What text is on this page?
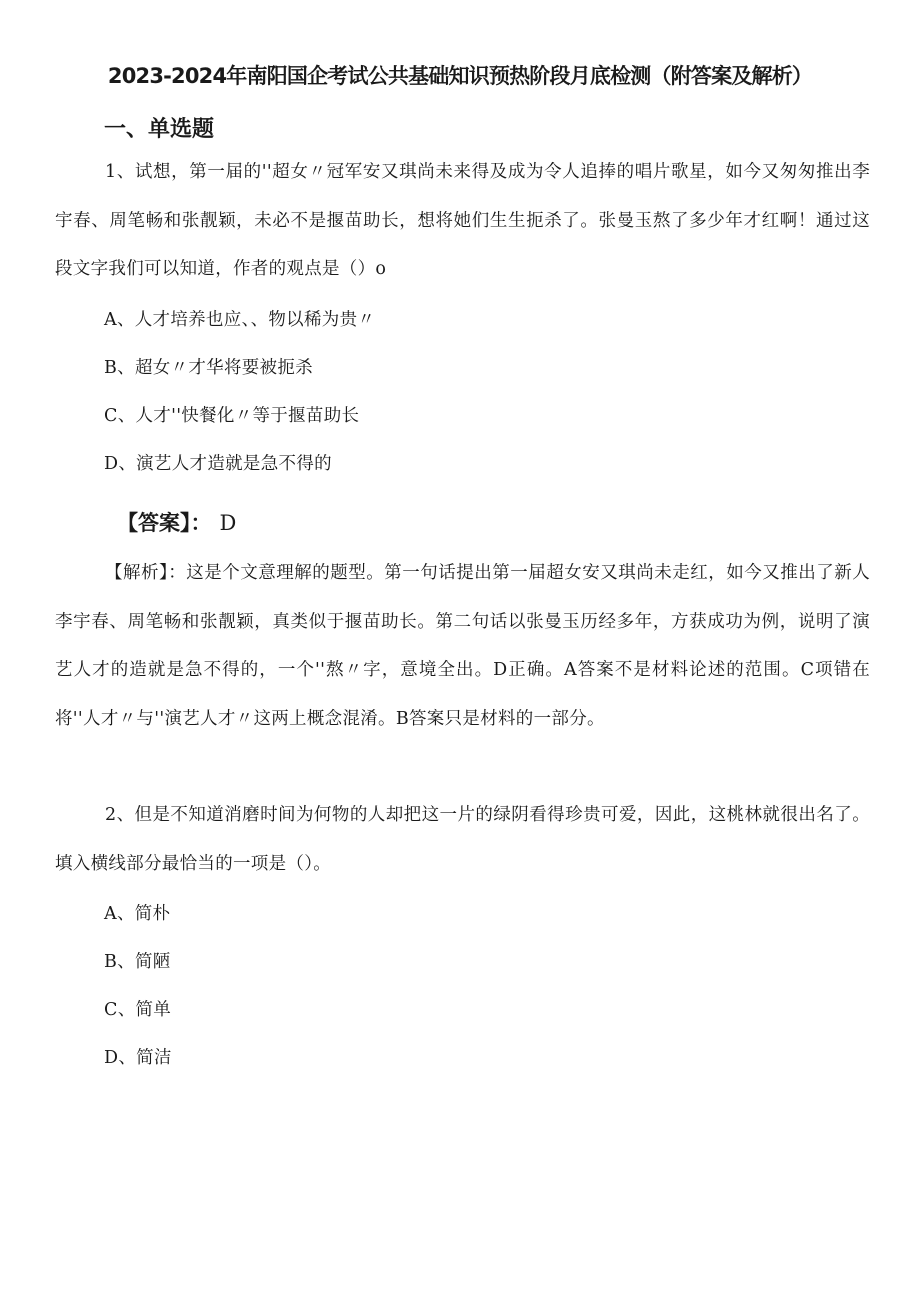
2023-2024年南阳国企考试公共基础知识预热阶段月底检测（附答案及解析）
一、单选题

1、试想，第一届的''超女〃冠军安又琪尚未来得及成为令人追捧的唱片歌星，如今又匆匆推出李宇春、周笔畅和张靓颖，未必不是揠苗助长，想将她们生生扼杀了。张曼玉熬了多少年才红啊！通过这段文字我们可以知道，作者的观点是（）o

A、人才培养也应、、物以稀为贵〃
B、超女〃才华将要被扼杀
C、人才''快餐化〃等于揠苗助长
D、演艺人才造就是急不得的
【答案】： D

【解析】：这是个文意理解的题型。第一句话提出第一届超女安又琪尚未走红，如今又推出了新人李宇春、周笔畅和张靓颖，真类似于揠苗助长。第二句话以张曼玉历经多年，方获成功为例，说明了演艺人才的造就是急不得的，一个''熬〃字，意境全出。D正确。A答案不是材料论述的范围。C项错在将''人才〃与''演艺人才〃这两上概念混淆。B答案只是材料的一部分。

2、但是不知道消磨时间为何物的人却把这一片的绿阴看得珍贵可爱，因此，这桃林就很出名了。填入横线部分最恰当的一项是（）。

A、简朴
B、简陋
C、简单
D、简洁
